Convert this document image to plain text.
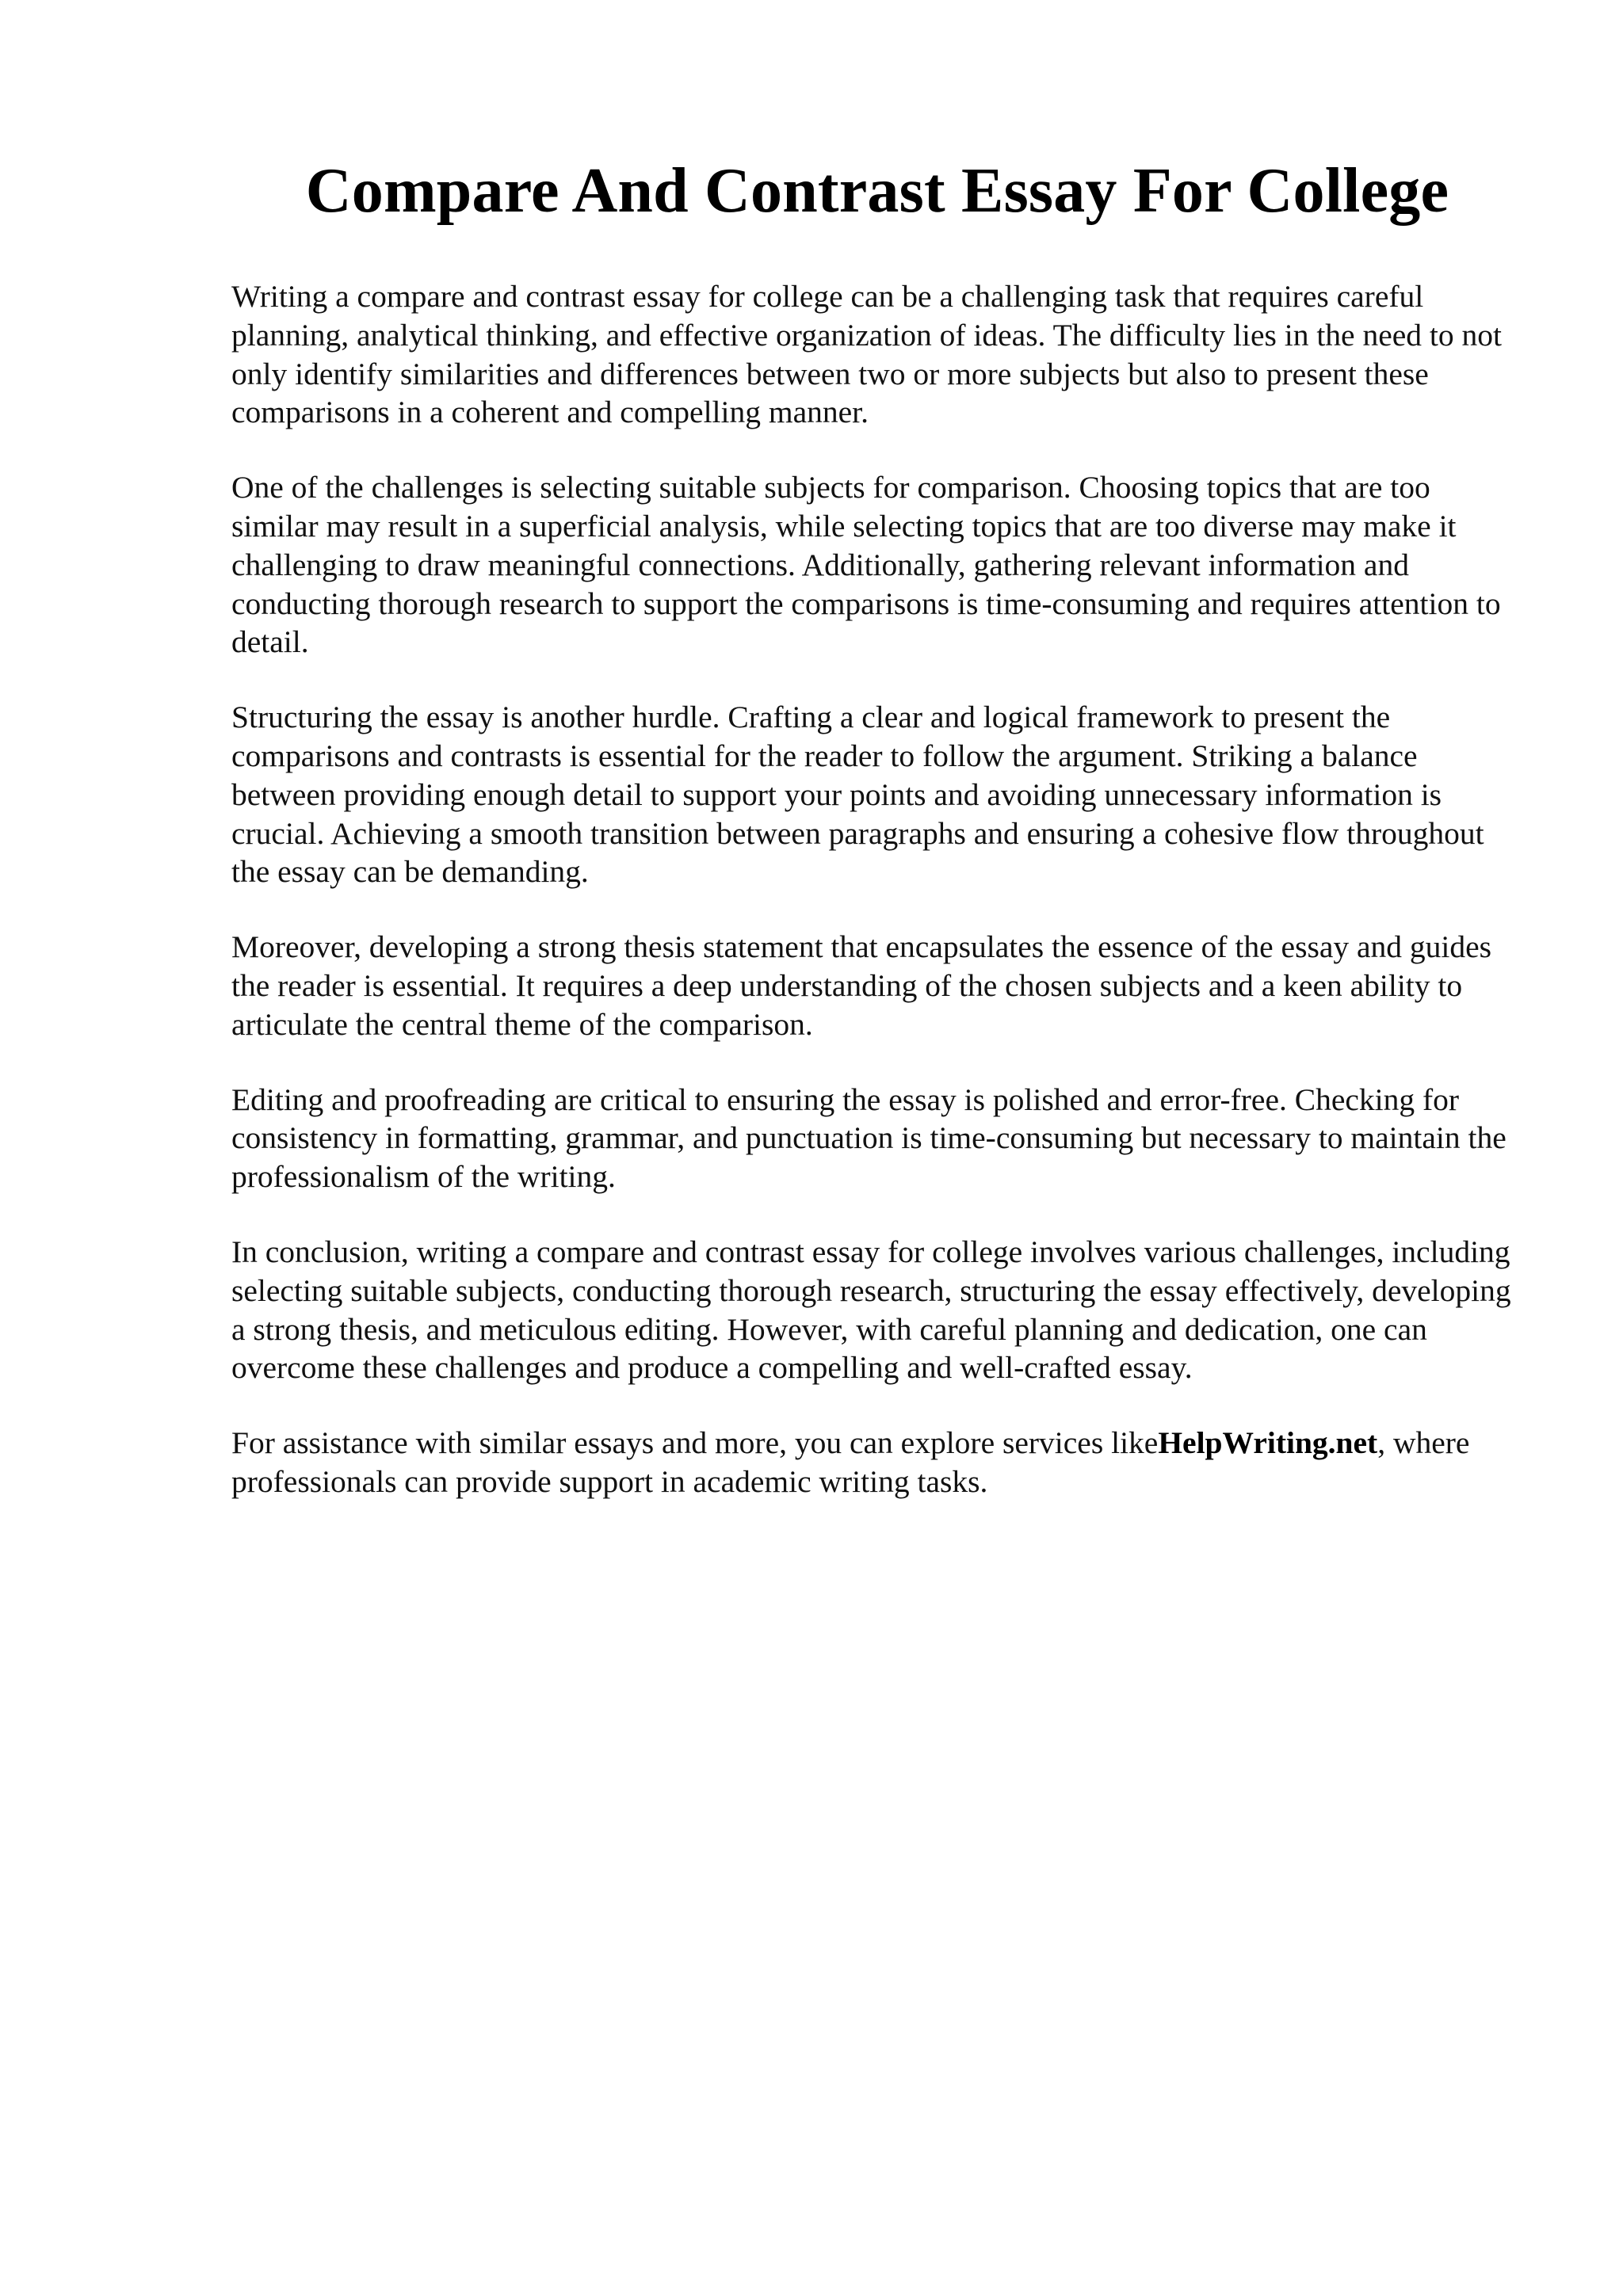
Compare And Contrast Essay For College

Writing a compare and contrast essay for college can be a challenging task that requires careful planning, analytical thinking, and effective organization of ideas. The difficulty lies in the need to not only identify similarities and differences between two or more subjects but also to present these comparisons in a coherent and compelling manner.

One of the challenges is selecting suitable subjects for comparison. Choosing topics that are too similar may result in a superficial analysis, while selecting topics that are too diverse may make it challenging to draw meaningful connections. Additionally, gathering relevant information and conducting thorough research to support the comparisons is time-consuming and requires attention to detail.

Structuring the essay is another hurdle. Crafting a clear and logical framework to present the comparisons and contrasts is essential for the reader to follow the argument. Striking a balance between providing enough detail to support your points and avoiding unnecessary information is crucial. Achieving a smooth transition between paragraphs and ensuring a cohesive flow throughout the essay can be demanding.

Moreover, developing a strong thesis statement that encapsulates the essence of the essay and guides the reader is essential. It requires a deep understanding of the chosen subjects and a keen ability to articulate the central theme of the comparison.

Editing and proofreading are critical to ensuring the essay is polished and error-free. Checking for consistency in formatting, grammar, and punctuation is time-consuming but necessary to maintain the professionalism of the writing.

In conclusion, writing a compare and contrast essay for college involves various challenges, including selecting suitable subjects, conducting thorough research, structuring the essay effectively, developing a strong thesis, and meticulous editing. However, with careful planning and dedication, one can overcome these challenges and produce a compelling and well-crafted essay.

For assistance with similar essays and more, you can explore services likeHelpWriting.net, where professionals can provide support in academic writing tasks.
